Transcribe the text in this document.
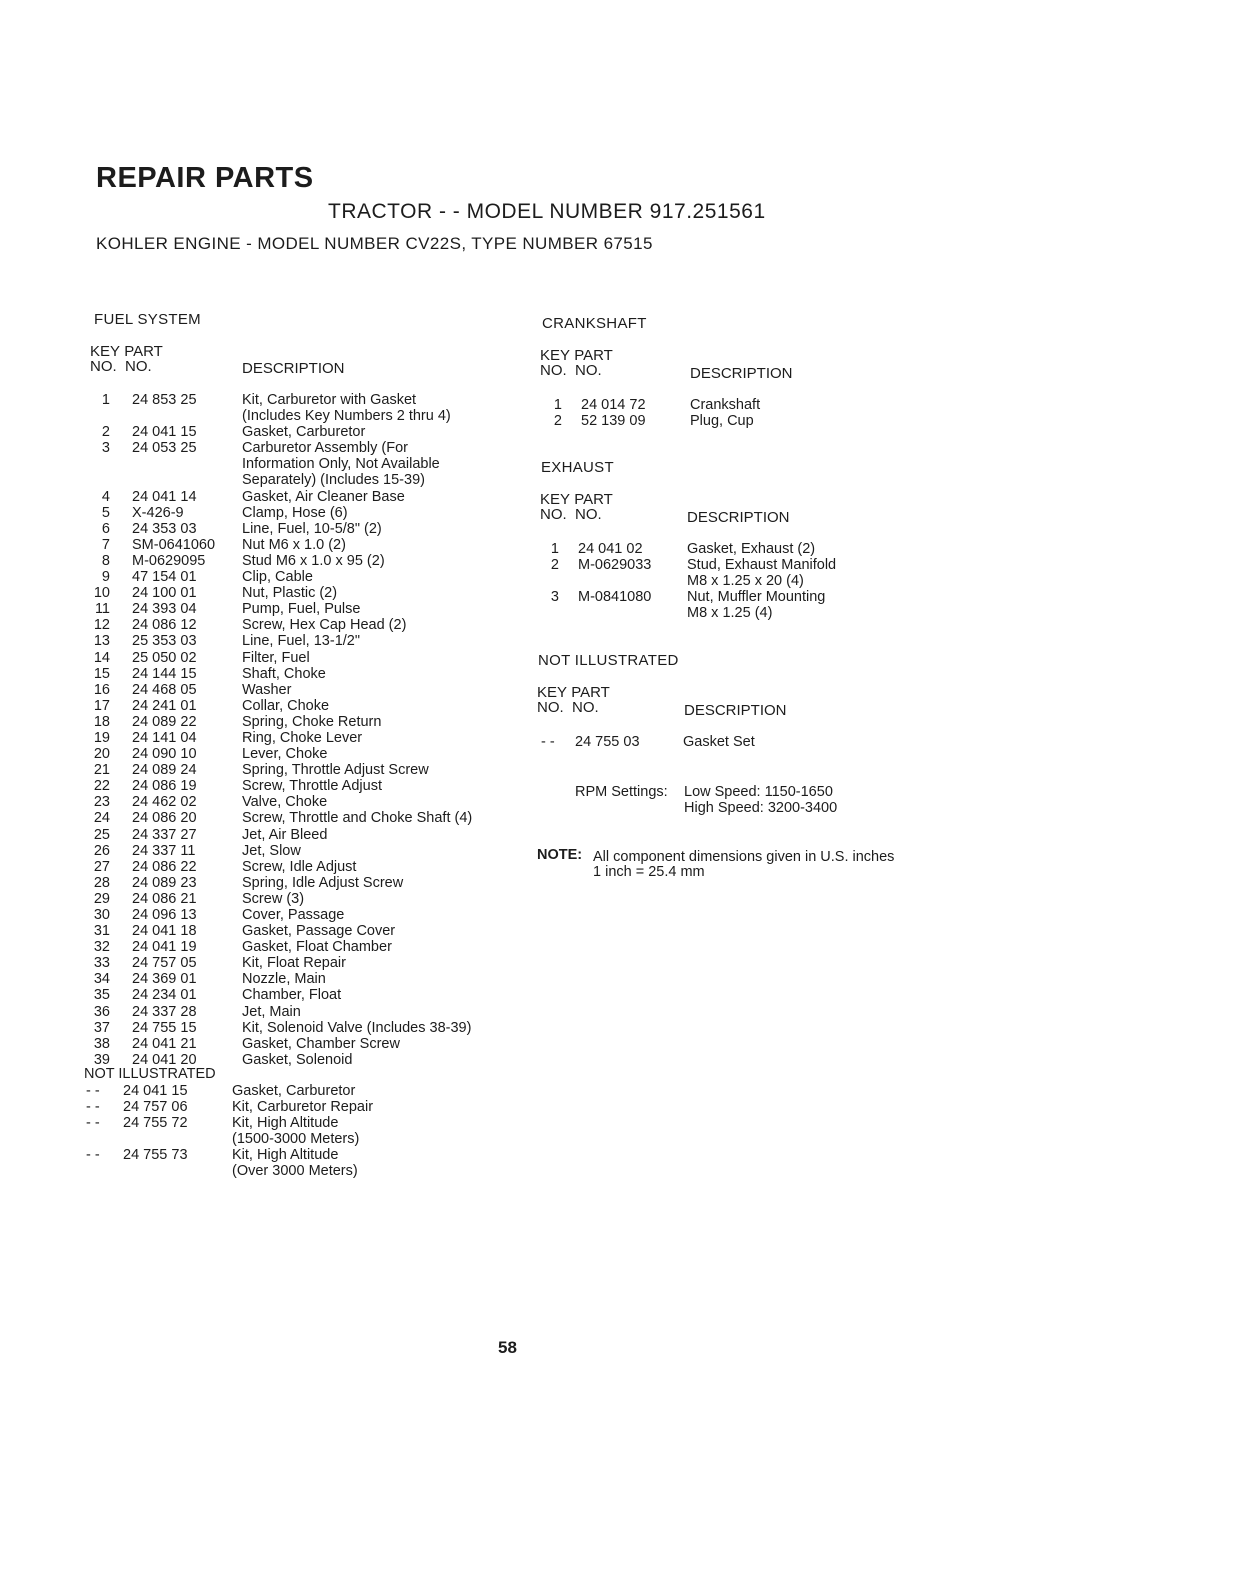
REPAIR PARTS
TRACTOR - - MODEL NUMBER 917.251561
KOHLER ENGINE - MODEL NUMBER CV22S, TYPE NUMBER 67515
FUEL SYSTEM
KEY PART
NO. NO.	DESCRIPTION
1 24 853 25	Kit, Carburetor with Gasket
(Includes Key Numbers 2 thru 4)
2 24 041 15	Gasket, Carburetor
3 24 053 25	Carburetor Assembly (For
Information Only, Not Available
Separately) (Includes 15-39)
4 24 041 14	Gasket, Air Cleaner Base
5 X-426-9	Clamp, Hose (6)
6 24 353 03	Line, Fuel, 10-5/8" (2)
7 SM-0641060 Nut M6 x 1.0 (2)
8 M-0629095	Stud M6 x 1.0 x 95 (2)
9 47 154 01	Clip, Cable
10 24 100 01	Nut, Plastic (2)
11 24 393 04	Pump, Fuel, Pulse
12 24 086 12	Screw, Hex Cap Head (2)
13 25 353 03	Line, Fuel, 13-1/2"
14 25 050 02	Filter, Fuel
15 24 144 15	Shaft, Choke
16 24 468 05	Washer
17 24 241 01	Collar, Choke
18 24 089 22	Spring, Choke Return
19 24 141 04	Ring, Choke Lever
20 24 090 10	Lever, Choke
21 24 089 24	Spring, Throttle Adjust Screw
22 24 086 19	Screw, Throttle Adjust
23 24 462 02	Valve, Choke
24 24 086 20	Screw, Throttle and Choke Shaft (4)
25 24 337 27	Jet, Air Bleed
26 24 337 11	Jet, Slow
27 24 086 22	Screw, Idle Adjust
28 24 089 23	Spring, Idle Adjust Screw
29 24 086 21	Screw (3)
30 24 096 13	Cover, Passage
31 24 041 18	Gasket, Passage Cover
32 24 041 19	Gasket, Float Chamber
33 24 757 05	Kit, Float Repair
34 24 369 01	Nozzle, Main
35 24 234 01	Chamber, Float
36 24 337 28	Jet, Main
37 24 755 15	Kit, Solenoid Valve (Includes 38-39)
38 24 041 21	Gasket, Chamber Screw
39 24 041 20	Gasket, Solenoid
NOT ILLUSTRATED
- -	24 041 15	Gasket, Carburetor
- -	24 757 06	Kit, Carburetor Repair
- -	24 755 72	Kit, High Altitude
(1500-3000 Meters)
- -	24 755 73	Kit, High Altitude
(Over 3000 Meters)
CRANKSHAFT
KEY PART
NO. NO.	DESCRIPTION
1 24 014 72	Crankshaft
2 52 139 09	Plug, Cup
EXHAUST
KEY PART
NO. NO.	DESCRIPTION
1 24 041 02	Gasket, Exhaust (2)
2 M-0629033 Stud, Exhaust Manifold
M8 x 1.25 x 20 (4)
3 M-0841080 Nut, Muffler Mounting
M8 x 1.25 (4)
NOT ILLUSTRATED
KEY PART
NO. NO.	DESCRIPTION
- -	24 755 03	Gasket Set
RPM Settings: Low Speed: 1150-1650
High Speed: 3200-3400
NOTE: All component dimensions given in U.S. inches
1 inch = 25.4 mm
58
